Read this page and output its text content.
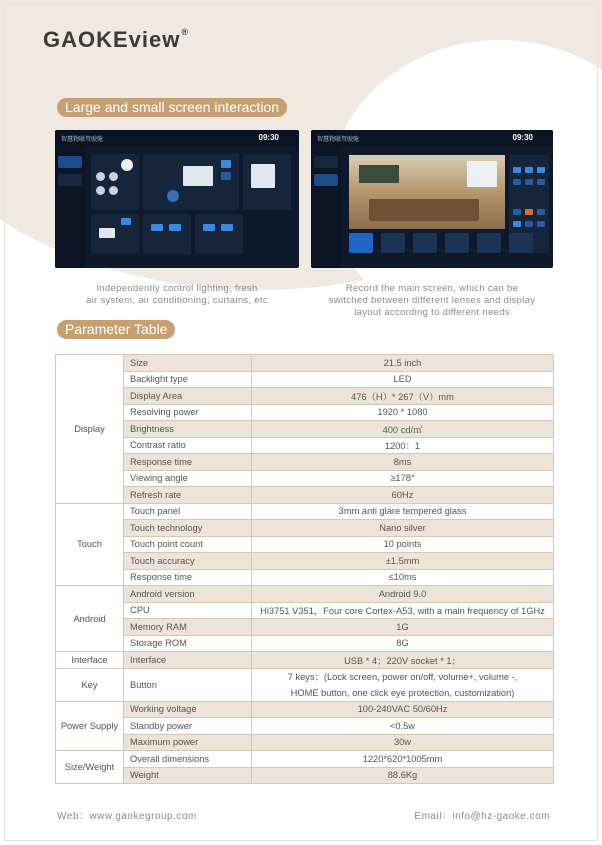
GAOKEview®
Large and small screen interaction
智慧物联驾驶舱	09:30	智慧物联驾驶舱	09:30
Independently control lighting, fresh
air system, air conditioning, curtains, etc
Record the main screen, which can be
switched between different lenses and display
layout according to different needs
Parameter Table
Display	Size	21.5 inch
	Backlight type	LED
	Display Area	476（H）* 267（V）mm
	Resolving power	1920 * 1080
	Brightness	400 cd/㎡
	Contrast ratio	1200：1
	Response time	8ms
	Viewing angle	≥178°
	Refresh rate	60Hz
Touch	Touch panel	3mm anti glare tempered glass
	Touch technology	Nano silver
	Touch point count	10 points
	Touch accuracy	±1.5mm
	Response time	≤10ms
Android	Android version	Android 9.0
	CPU	Hi3751 V351，Four core Cortex-A53, with a main frequency of 1GHz
	Memory RAM	1G
	Storage ROM	8G
Interface	Interface	USB * 4；220V socket * 1；
Key	Button	7 keys；(Lock screen, power on/off, volume+, volume -,
HOME button, one click eye protection, customization)

Power Supply	Working voltage	100-240VAC 50/60Hz
	Standby power	<0.5w
	Maximum power	30w
Size/Weight	Overall dimensions	1220*620*1005mm
	Weight	88.6Kg
Web：www.gaokegroup.com	Email：info@hz-gaoke.com
